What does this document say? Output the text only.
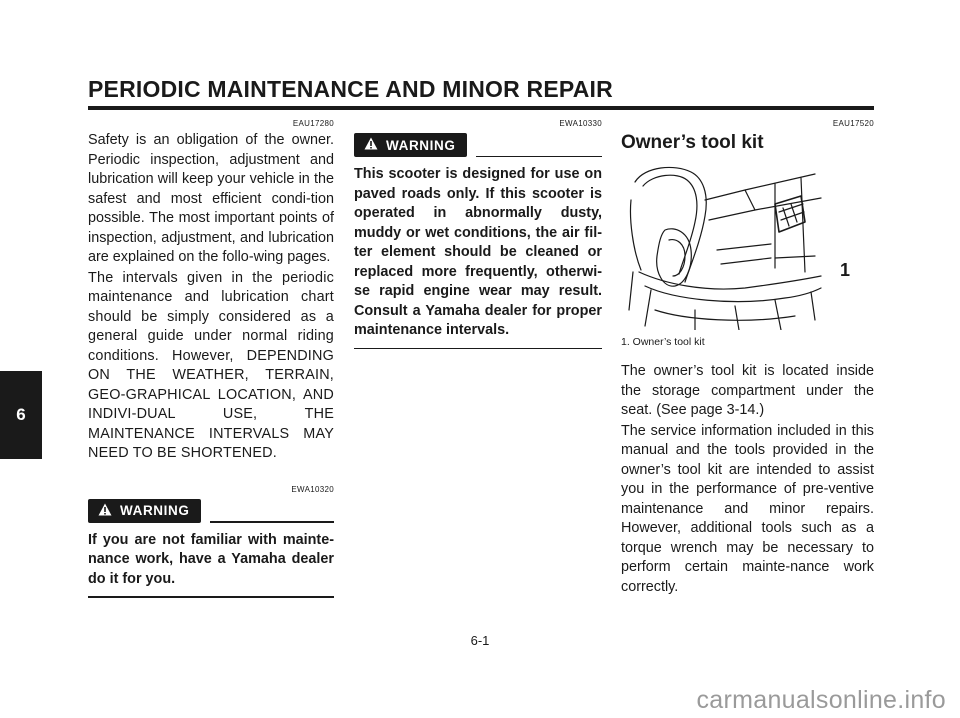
PERIODIC MAINTENANCE AND MINOR REPAIR
6
EAU17280

Safety is an obligation of the owner. Periodic inspection, adjustment and lubrication will keep your vehicle in the safest and most efficient condi-tion possible. The most important points of inspection, adjustment, and lubrication are explained on the follo-wing pages.

The intervals given in the periodic maintenance and lubrication chart should be simply considered as a general guide under normal riding conditions. However, DEPENDING ON THE WEATHER, TERRAIN, GEO-GRAPHICAL LOCATION, AND INDIVI-DUAL USE, THE MAINTENANCE INTERVALS MAY NEED TO BE SHORTENED.

EWA10320
WARNING

If you are not familiar with mainte-nance work, have a Yamaha dealer do it for you.

EWA10330
WARNING

This scooter is designed for use on paved roads only. If this scooter is operated in abnormally dusty, muddy or wet conditions, the air fil-ter element should be cleaned or replaced more frequently, otherwi-se rapid engine wear may result. Consult a Yamaha dealer for proper maintenance intervals.

EAU17520
Owner’s tool kit
1
1. Owner’s tool kit

The owner’s tool kit is located inside the storage compartment under the seat. (See page 3-14.)

The service information included in this manual and the tools provided in the owner’s tool kit are intended to assist you in the performance of pre-ventive maintenance and minor repairs. However, additional tools such as a torque wrench may be necessary to perform certain mainte-nance work correctly.

6-1
carmanualsonline.info
